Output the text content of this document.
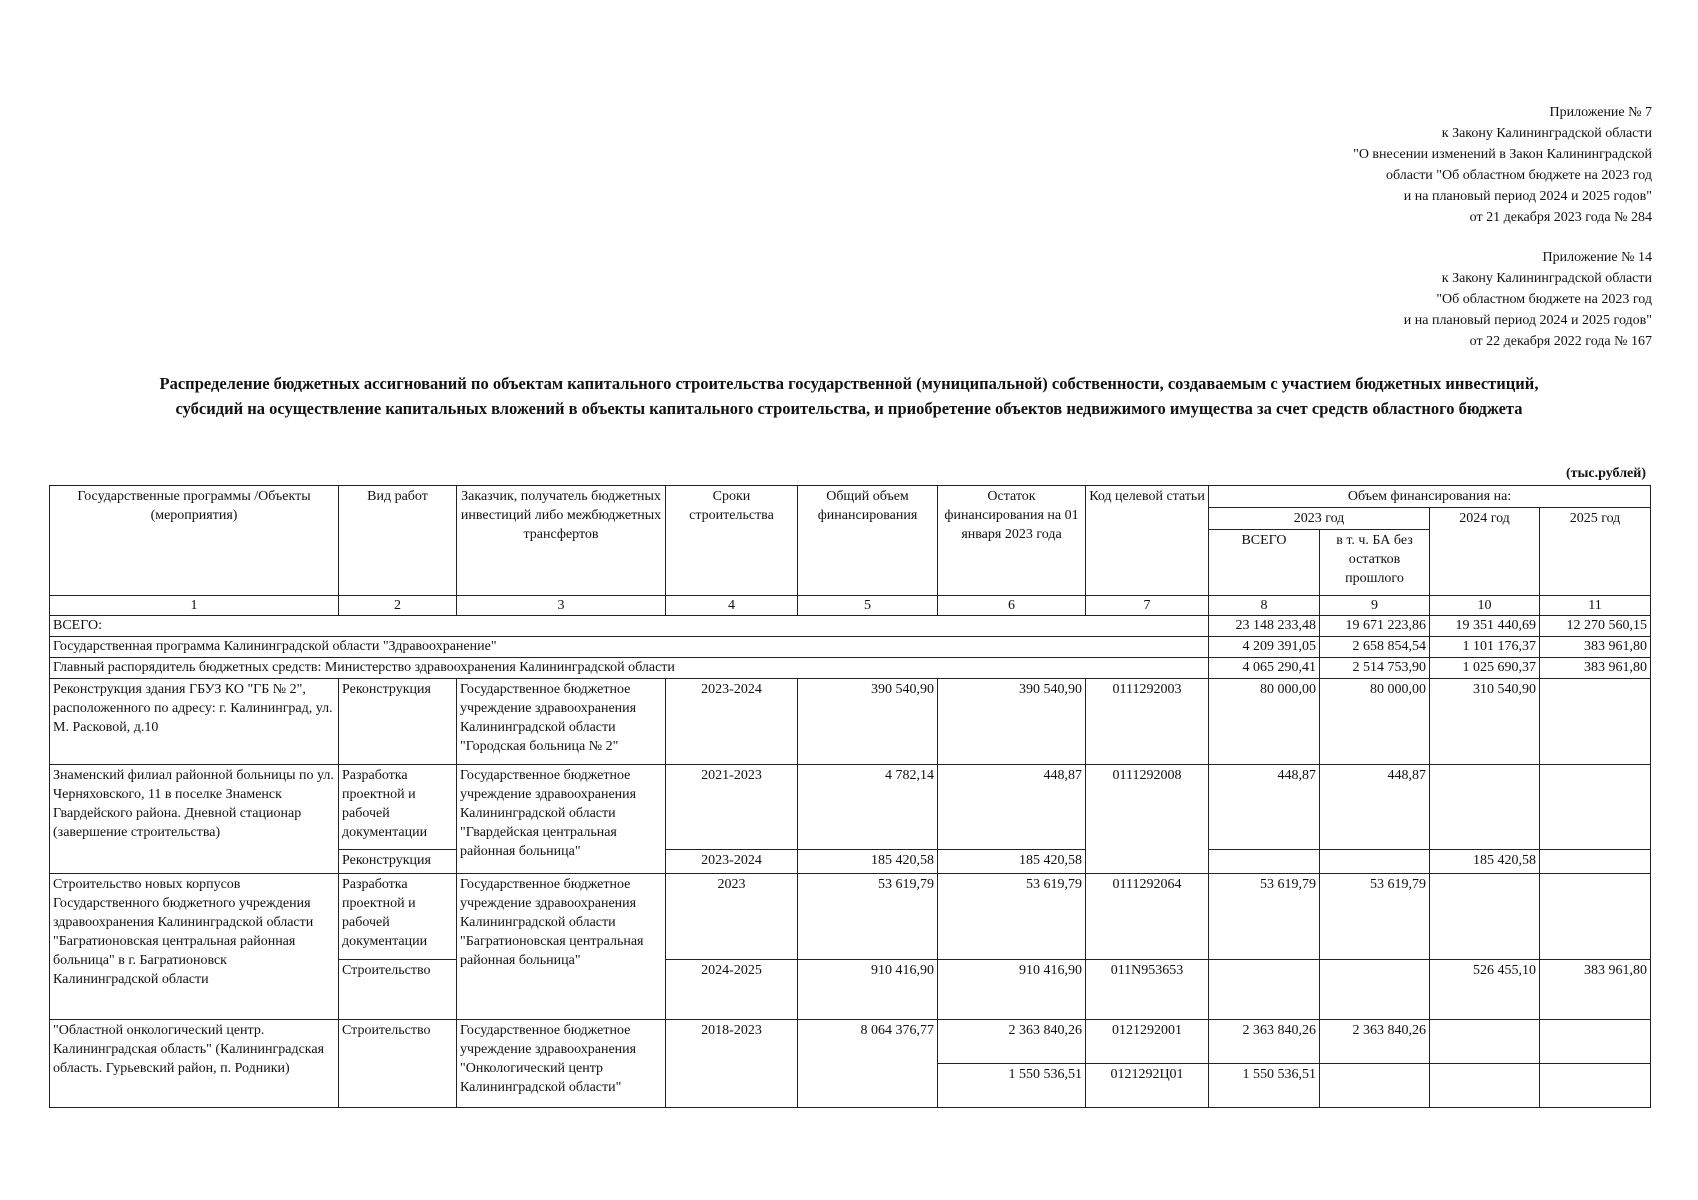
Приложение № 7
к Закону Калининградской области
"О внесении изменений в Закон Калининградской
области "Об областном бюджете на 2023 год
и на плановый период 2024 и 2025 годов"
от 21 декабря 2023 года № 284
Приложение № 14
к Закону Калининградской области
"Об областном бюджете на 2023 год
и на плановый период 2024 и 2025 годов"
от 22 декабря 2022 года № 167
Распределение бюджетных ассигнований по объектам капитального строительства государственной (муниципальной) собственности, создаваемым с участием бюджетных инвестиций,
субсидий на осуществление капитальных вложений в объекты капитального строительства, и приобретение объектов недвижимого имущества за счет средств областного бюджета
(тыс.рублей)
Государственные программы /Объекты (мероприятия)	Вид работ	Заказчик, получатель бюджетных инвестиций либо межбюджетных трансфертов	Сроки строительства	Общий объем финансирования	Остаток финансирования на 01 января 2023 года	Код целевой статьи	Объем финансирования на:			
							2023 год		2024 год	2025 год
							ВСЕГО	в т. ч. БА без остатков прошлого		
1	2	3	4	5	6	7	8	9	10	11
ВСЕГО:							23 148 233,48	19 671 223,86	19 351 440,69	12 270 560,15
Государственная программа Калининградской области "Здравоохранение"							4 209 391,05	2 658 854,54	1 101 176,37	383 961,80
Главный распорядитель бюджетных средств: Министерство здравоохранения Калининградской области							4 065 290,41	2 514 753,90	1 025 690,37	383 961,80
Реконструкция здания ГБУЗ КО "ГБ № 2", расположенного по адресу: г. Калининград, ул. М. Расковой, д.10	Реконструкция	Государственное бюджетное учреждение здравоохранения Калининградской области "Городская больница № 2"	2023-2024	390 540,90	390 540,90	0111292003	80 000,00	80 000,00	310 540,90	
Знаменский филиал районной больницы по ул. Черняховского, 11 в поселке Знаменск Гвардейского района. Дневной стационар (завершение строительства)	Разработка проектной и рабочей документации	Государственное бюджетное учреждение здравоохранения Калининградской области "Гвардейская центральная районная больница"	2021-2023	4 782,14	448,87	0111292008	448,87	448,87		
	Реконструкция		2023-2024	185 420,58	185 420,58				185 420,58	
Строительство новых корпусов Государственного бюджетного учреждения здравоохранения Калининградской области "Багратионовская центральная районная больница" в г. Багратионовск Калининградской области	Разработка проектной и рабочей документации	Государственное бюджетное учреждение здравоохранения Калининградской области "Багратионовская центральная районная больница"	2023	53 619,79	53 619,79	0111292064	53 619,79	53 619,79		
	Строительство		2024-2025	910 416,90	910 416,90	011N953653			526 455,10	383 961,80
"Областной онкологический центр. Калининградская область" (Калининградская область. Гурьевский район, п. Родники)	Строительство	Государственное бюджетное учреждение здравоохранения "Онкологический центр Калининградской области"	2018-2023	8 064 376,77	2 363 840,26	0121292001	2 363 840,26	2 363 840,26		
					1 550 536,51	0121292Ц01	1 550 536,51			
